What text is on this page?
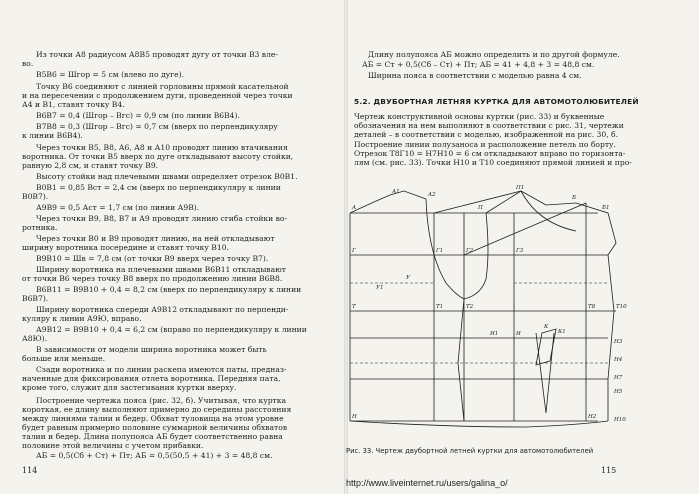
Из точки А8 радиусом А8В5 проводят дугу от точки В3 вле-

во.

В5В6 = Шгор = 5 см (влево по дуге).

Точку В6 соединяют с линией горловины прямой касательной

и на пересечении с продолжением дуги, проведенной через точки

А4 и В1, ставят точку В4.

В6В7 = 0,4 (Шгор – Вгс) = 0,9 см (по линии В6В4).

В7В8 = 0,3 (Шгор – Вгс) = 0,7 см (вверх по перпендикуляру

к линии В6В4).

Через точки В5, В8, А6, А8 и А10 проводят линию втачивания

воротника. От точки В5 вверх по дуге откладывают высоту стойки,

равную 2,8 см, и ставят точку В9.

Высоту стойки над плечевыми швами определяет отрезок В0В1.

В0В1 = 0,85 Вст = 2,4 см (вверх по перпендикуляру к линии

В0В7).

А9В9 = 0,5 Аст = 1,7 см (по линии А9В).

Через точки В9, В8, В7 и А9 проводят линию сгиба стойки во-

ротника.

Через точки В0 и В9 проводят линию, на ней откладывают

ширину воротника посередине и ставят точку В10.

В9В10 = Шв = 7,8 см (от точки В9 вверх через точку В7).

Ширину воротника на плечевыми швами В6В11 откладывают

от точки В6 через точку В8 вверх по продолжению линии В6В8.

В6В11 = В9В10 + 0,4 = 8,2 см (вверх по перпендикуляру к линии

В6В7).

Ширину воротника спереди А9В12 откладывают по перпенди-

кулярy к линии А9Ю, вправо.

А9В12 = В9В10 + 0,4 = 6,2 см (вправо по перпендикуляру к линии

А8Ю).

В зависимости от модели ширина воротника может быть

больше или меньше.

Сзади воротника и по линии раскепа имеются паты, предназ-

наченные для фиксирования отлета воротника. Передняя пата,

кроме того, служит для застегивания куртки вверху.

Построение чертежа пояса (рис. 32, б). Учитывая, что куртка

короткая, ее длину выполняют примерно до середины расстояния

между линиями талии и бедер. Обхват туловища на этом уровне

будет равным примерно половине суммарной величины обхватов

талии и бедер. Длина полупояса АБ будет соответственно равна

половине этой величины с учетом прибавки.

АБ = 0,5(Сб + Ст) + Пт; АБ = 0,5(50,5 + 41) + 3 = 48,8 см.

114

Длину полупояса АБ можно определить и по другой формуле.

АБ = Ст + 0,5(Сб – Ст) + Пт; АБ = 41 + 4,8 + 3 = 48,8 см.

Ширина пояса в соответствии с моделью равна 4 см.

Чертеж конструктивной основы куртки (рис. 33) и буквенные

обозначения на нем выполняют в соответствии с рис. 31, чертежи

деталей – в соответствии с моделью, изображенной на рис. 30, б.

Построение линии полузаноса и расположение петель по борту.

Отрезок Т8Г10 = Н7Н10 = 6 см откладывают вправо по горизонта-

лям (см. рис. 33). Точки Н10 и Т10 соединяют прямой линией и про-

5.2. ДВУБОРТНАЯ ЛЕТНЯЯ КУРТКА ДЛЯ АВТОМОТОЛЮБИТЕЛЕЙ
А
А1	А2
Г	Г1	Г2	Г3
Т	Т1	Т2	Т8	Т10
Н	Н2
Н7
Н10
У
У1
П
П1
Б
Б1
К
К1
Н3
Н4
Н5
И
И1
Рис. 33. Чертеж двубортной летней куртки для автомотолюбителей
115
http://www.liveinternet.ru/users/galina_o/
